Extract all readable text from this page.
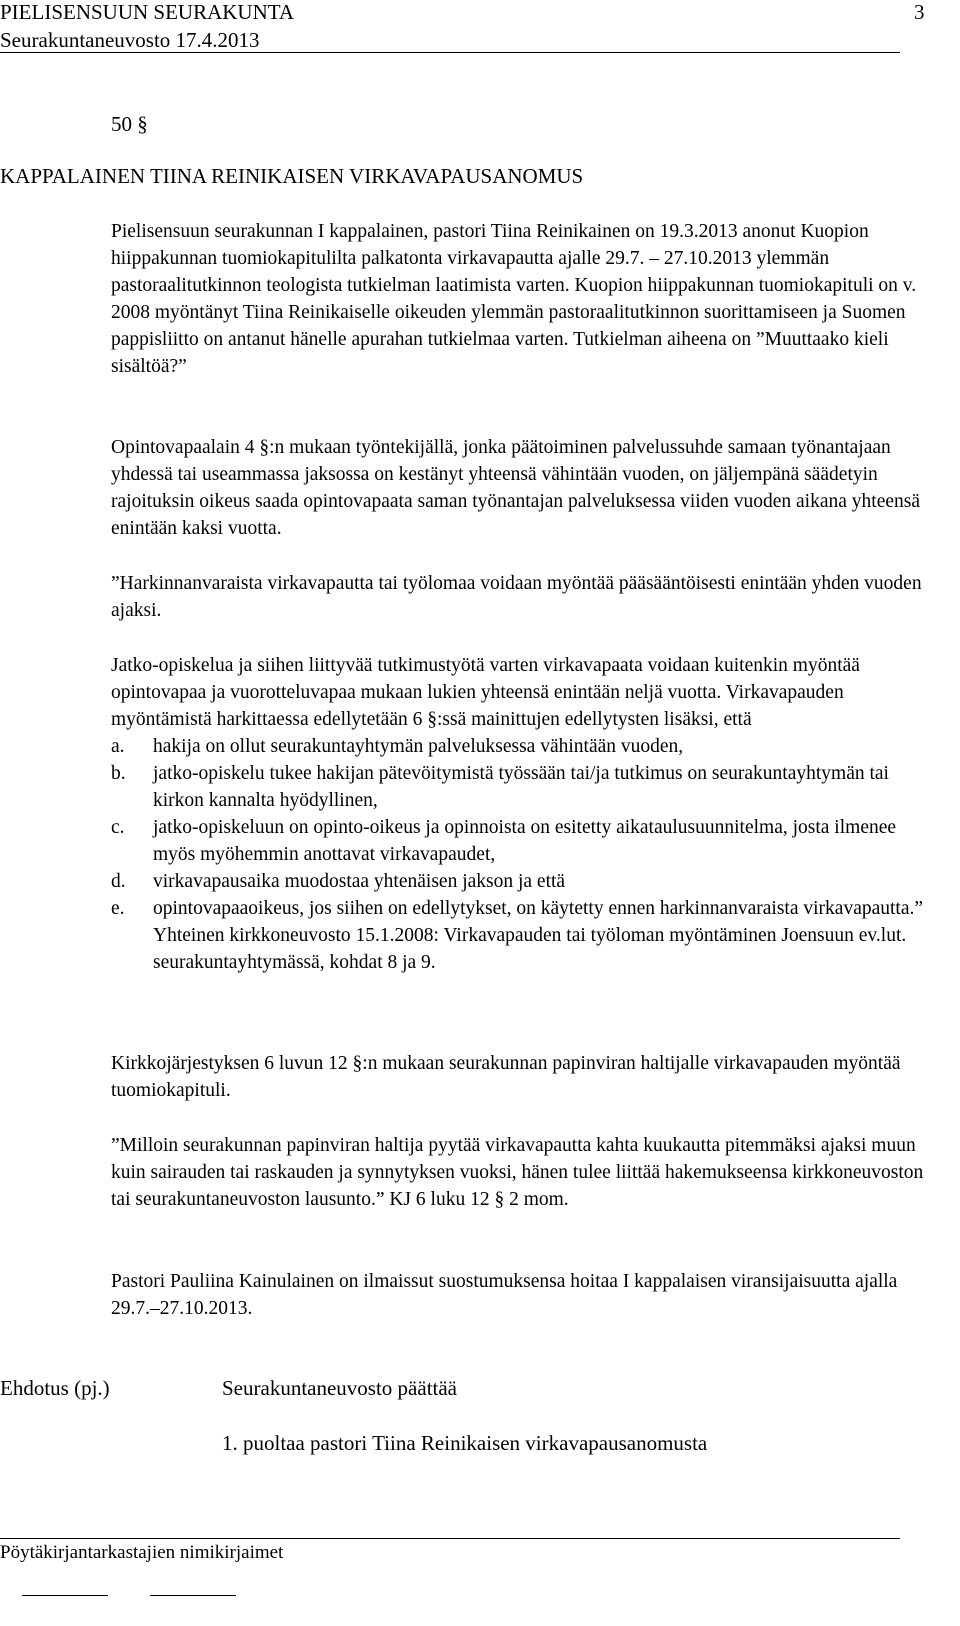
PIELISENSUUN SEURAKUNTA	3
Seurakuntaneuvosto 17.4.2013
50 §
KAPPALAINEN TIINA REINIKAISEN VIRKAVAPAUSANOMUS

Pielisensuun seurakunnan I kappalainen, pastori Tiina Reinikainen on 19.3.2013 anonut Kuopion hiippakunnan tuomiokapitulilta palkatonta virkavapautta ajalle 29.7. – 27.10.2013 ylemmän pastoraalitutkinnon teologista tutkielman laatimista varten. Kuopion hiippakunnan tuomiokapituli on v. 2008 myöntänyt Tiina Reinikaiselle oikeuden ylemmän pastoraalitutkinnon suorittamiseen ja Suomen pappisliitto on antanut hänelle apurahan tutkielmaa varten. Tutkielman aiheena on ”Muuttaako kieli sisältöä?”

Opintovapaalain 4 §:n mukaan työntekijällä, jonka päätoiminen palvelussuhde samaan työnantajaan yhdessä tai useammassa jaksossa on kestänyt yhteensä vähintään vuoden, on jäljempänä säädetyin rajoituksin oikeus saada opintovapaata saman työnantajan palveluksessa viiden vuoden aikana yhteensä enintään kaksi vuotta.

”Harkinnanvaraista virkavapautta tai työlomaa voidaan myöntää pääsääntöisesti enintään yhden vuoden ajaksi.

Jatko-opiskelua ja siihen liittyvää tutkimustyötä varten virkavapaata voidaan kuitenkin myöntää opintovapaa ja vuorotteluvapaa mukaan lukien yhteensä enintään neljä vuotta. Virkavapauden myöntämistä harkittaessa edellytetään 6 §:ssä mainittujen edellytysten lisäksi, että

a. hakija on ollut seurakuntayhtymän palveluksessa vähintään vuoden,
b. jatko-opiskelu tukee hakijan pätevöitymistä työssään tai/ja tutkimus on seurakuntayhtymän tai kirkon kannalta hyödyllinen,
c. jatko-opiskeluun on opinto-oikeus ja opinnoista on esitetty aikataulusuunnitelma, josta ilmenee myös myöhemmin anottavat virkavapaudet,
d. virkavapausaika muodostaa yhtenäisen jakson ja että
e. opintovapaaoikeus, jos siihen on edellytykset, on käytetty ennen harkinnanvaraista virkavapautta.” Yhteinen kirkkoneuvosto 15.1.2008: Virkavapauden tai työloman myöntäminen Joensuun ev.lut. seurakuntayhtymässä, kohdat 8 ja 9.

Kirkkojärjestyksen 6 luvun 12 §:n mukaan seurakunnan papinviran haltijalle virkavapauden myöntää tuomiokapituli.

”Milloin seurakunnan papinviran haltija pyytää virkavapautta kahta kuukautta pitemmäksi ajaksi muun kuin sairauden tai raskauden ja synnytyksen vuoksi, hänen tulee liittää hakemukseensa kirkkoneuvoston tai seurakuntaneuvoston lausunto.” KJ 6 luku 12 § 2 mom.

Pastori Pauliina Kainulainen on ilmaissut suostumuksensa hoitaa I kappalaisen viransijaisuutta ajalla 29.7.–27.10.2013.

Ehdotus (pj.)	Seurakuntaneuvosto päättää
1. puoltaa pastori Tiina Reinikaisen virkavapausanomusta
Pöytäkirjantarkastajien nimikirjaimet
